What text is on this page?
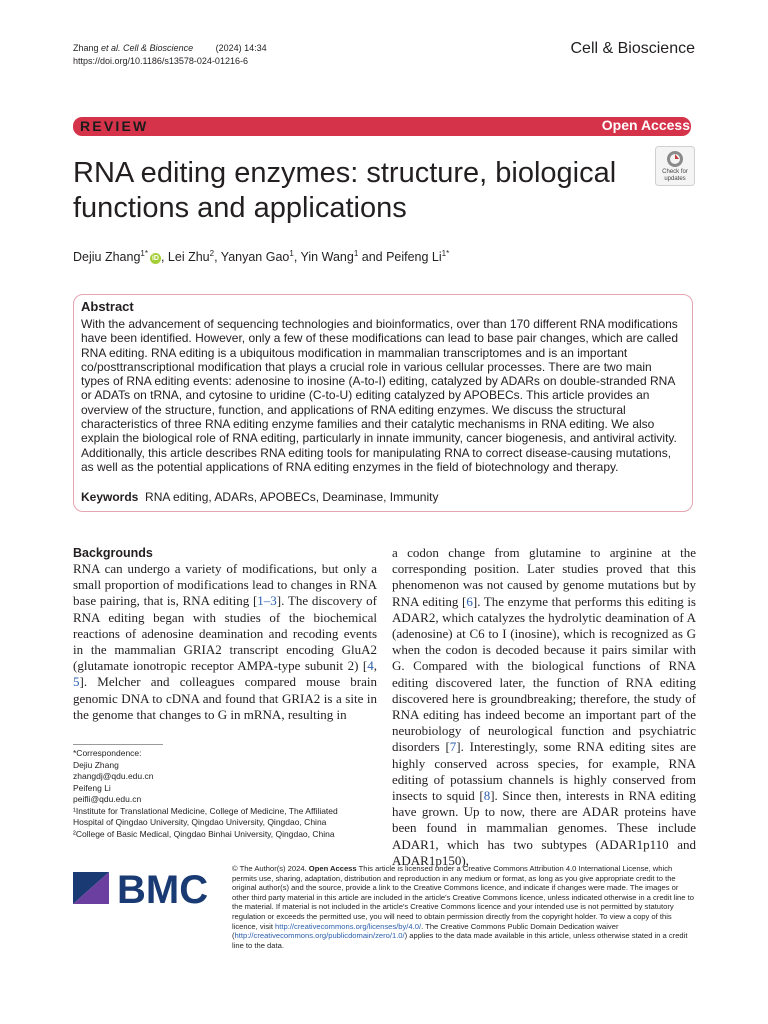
Zhang et al. Cell & Bioscience	(2024) 14:34
https://doi.org/10.1186/s13578-024-01216-6
Cell & Bioscience
REVIEW	Open Access
RNA editing enzymes: structure, biological functions and applications
Check for updates
Dejiu Zhang$^{1*}$iD , Lei Zhu$^2$, Yanyan Gao$^1$, Yin Wang$^1$ and Peifeng $Li^{1*}$
Abstract
With the advancement of sequencing technologies and bioinformatics, over than 170 different RNA modifications have been identified. However, only a few of these modifications can lead to base pair changes, which are called RNA editing. RNA editing is a ubiquitous modification in mammalian transcriptomes and is an important co/posttranscriptional modification that plays a crucial role in various cellular processes. There are two main types of RNA editing events: adenosine to inosine (A-to-I) editing, catalyzed by ADARs on double-stranded RNA or ADATs on tRNA, and cytosine to uridine (C-to-U) editing catalyzed by APOBECs. This article provides an overview of the structure, function, and applications of RNA editing enzymes. We discuss the structural characteristics of three RNA editing enzyme families and their catalytic mechanisms in RNA editing. We also explain the biological role of RNA editing, particularly in innate immunity, cancer biogenesis, and antiviral activity. Additionally, this article describes RNA editing tools for manipulating RNA to correct disease-causing mutations, as well as the potential applications of RNA editing enzymes in the field of biotechnology and therapy.
Keywords RNA editing, ADARs, APOBECs, Deaminase, Immunity
Backgrounds
RNA can undergo a variety of modifications, but only a small proportion of modifications lead to changes in RNA base pairing, that is, RNA editing [1–3]. The discovery of RNA editing began with studies of the biochemical reactions of adenosine deamination and recoding events in the mammalian GRIA2 transcript encoding GluA2 (glutamate ionotropic receptor AMPA-type subunit 2) [4, 5]. Melcher and colleagues compared mouse brain genomic DNA to cDNA and found that GRIA2 is a site in the genome that changes to G in mRNA, resulting in
a codon change from glutamine to arginine at the corresponding position. Later studies proved that this phenomenon was not caused by genome mutations but by RNA editing [6]. The enzyme that performs this editing is ADAR2, which catalyzes the hydrolytic deamination of A (adenosine) at C6 to I (inosine), which is recognized as G when the codon is decoded because it pairs similar with G. Compared with the biological functions of RNA editing discovered later, the function of RNA editing discovered here is groundbreaking; therefore, the study of RNA editing has indeed become an important part of the neurobiology of neurological function and psychiatric disorders [7]. Interestingly, some RNA editing sites are highly conserved across species, for example, RNA editing of potassium channels is highly conserved from insects to squid [8]. Since then, interests in RNA editing have grown. Up to now, there are ADAR proteins have been found in mammalian genomes. These include ADAR1, which has two subtypes (ADAR1p110 and ADAR1p150),
*Correspondence:
Dejiu Zhang
zhangdj@qdu.edu.cn
Peifeng Li
peifli@qdu.edu.cn
¹Institute for Translational Medicine, College of Medicine, The Affiliated
Hospital of Qingdao University, Qingdao University, Qingdao, China
²College of Basic Medical, Qingdao Binhai University, Qingdao, China
BMC	© The Author(s) 2024. Open Access This article is licensed under a Creative Commons Attribution 4.0 International License, which permits use, sharing, adaptation, distribution and reproduction in any medium or format, as long as you give appropriate credit to the original author(s) and the source, provide a link to the Creative Commons licence, and indicate if changes were made. The images or other third party material in this article are included in the article's Creative Commons licence, unless indicated otherwise in a credit line to the material. If material is not included in the article's Creative Commons licence and your intended use is not permitted by statutory regulation or exceeds the permitted use, you will need to obtain permission directly from the copyright holder. To view a copy of this licence, visit http://creativecommons.org/licenses/by/4.0/. The Creative Commons Public Domain Dedication waiver (http://creativecommons.org/publicdomain/zero/1.0/) applies to the data made available in this article, unless otherwise stated in a credit line to the data.
